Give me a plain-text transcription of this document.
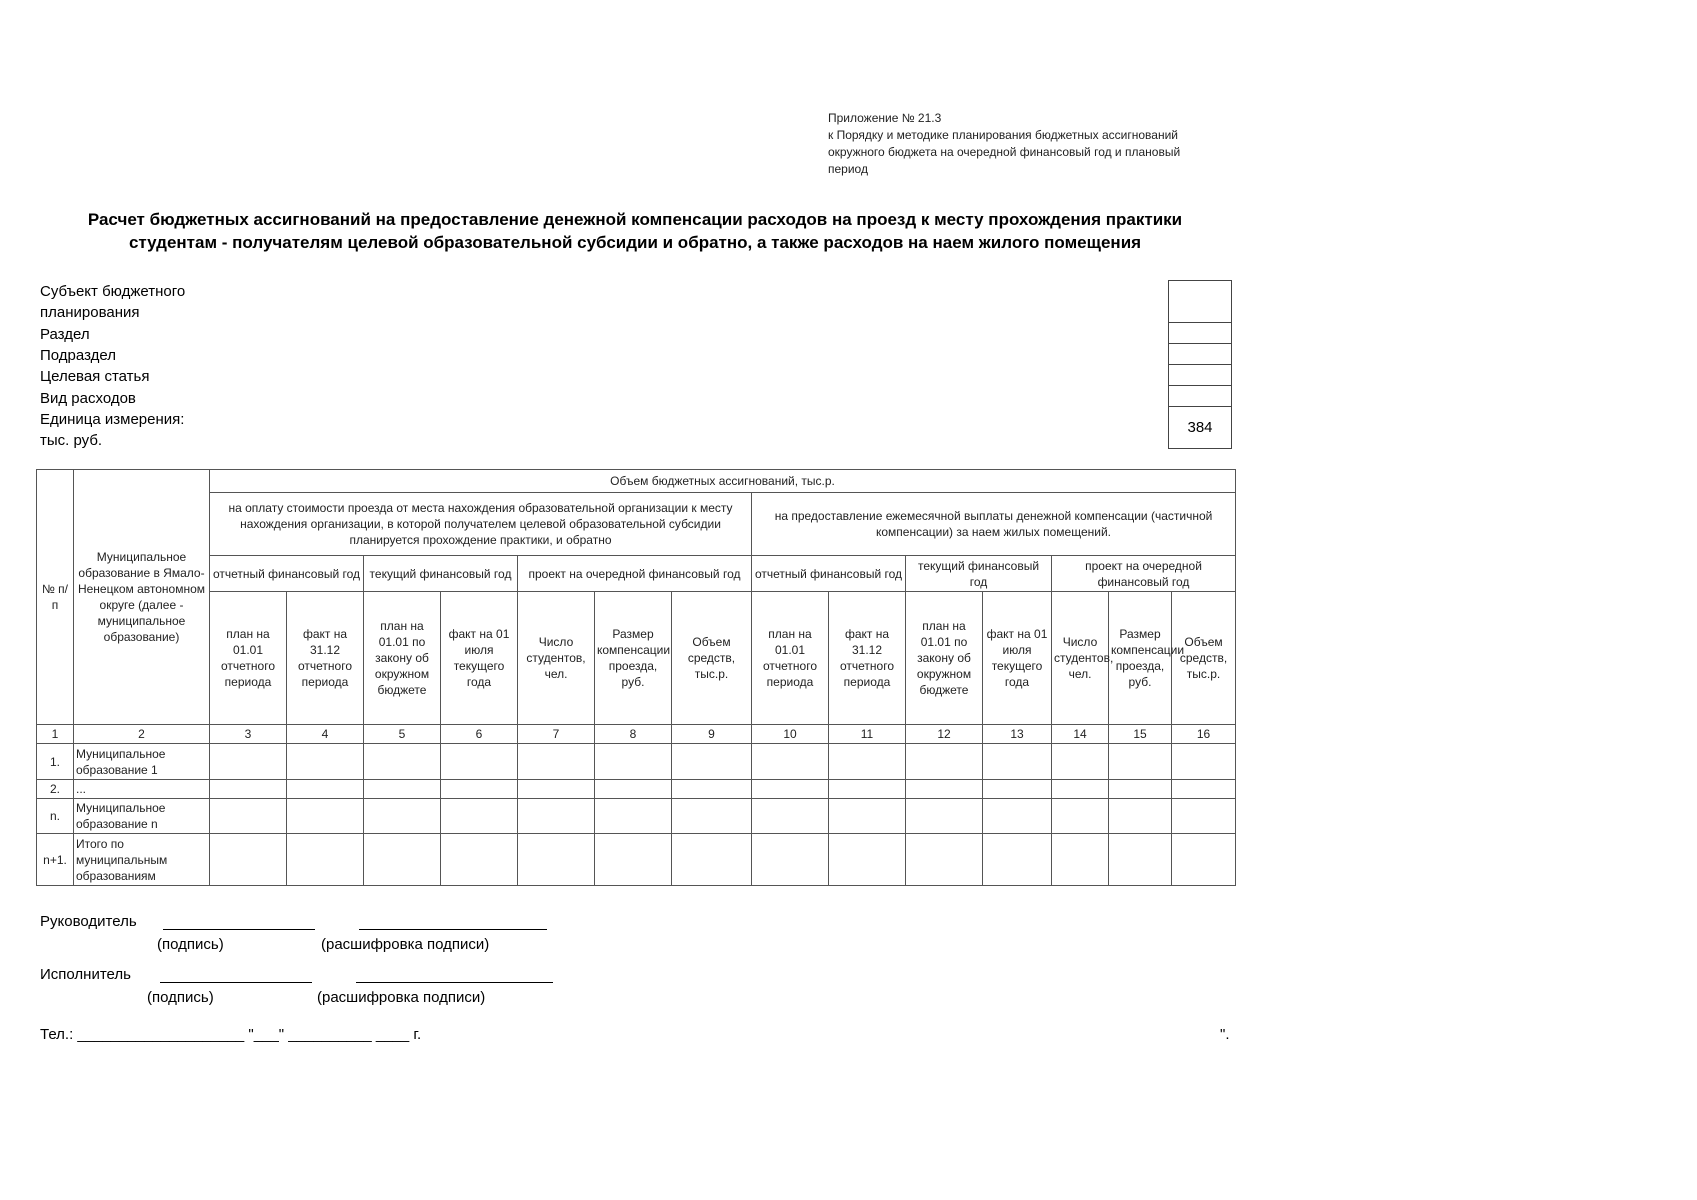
Приложение № 21.3
к Порядку и методике планирования бюджетных ассигнований
окружного бюджета на очередной финансовый год и плановый
период
Расчет бюджетных ассигнований на предоставление денежной компенсации расходов на проезд к месту прохождения практики
студентам - получателям целевой образовательной субсидии и обратно, а также расходов на наем жилого помещения
Субъект бюджетного
планирования
Раздел
Подраздел
Целевая статья
Вид расходов
Единица измерения:
тыс. руб.

384
№ п/п	Муниципальное образование в Ямало-Ненецком автономном округе (далее - муниципальное образование)	Объем бюджетных ассигнований, тыс.р.													
		на оплату стоимости проезда от места нахождения образовательной организации к месту нахождения организации, в которой получателем целевой образовательной субсидии планируется прохождение практики, и обратно							на предоставление ежемесячной выплаты денежной компенсации (частичной компенсации) за наем жилых помещений.						
		отчетный финансовый год		текущий финансовый год		проект на очередной финансовый год			отчетный финансовый год		текущий финансовый год		проект на очередной финансовый год		
		план на 01.01 отчетного периода	факт на 31.12 отчетного периода	план на 01.01 по закону об окружном бюджете	факт на 01 июля текущего года	Число студентов, чел.	Размер компенсации проезда, руб.	Объем средств, тыс.р.	план на 01.01 отчетного периода	факт на 31.12 отчетного периода	план на 01.01 по закону об окружном бюджете	факт на 01 июля текущего года	Число студентов, чел.	Размер компенсации проезда, руб.	Объем средств, тыс.р.
1	2	3	4	5	6	7	8	9	10	11	12	13	14	15	16
1.	Муниципальное образование 1														
2.	...														
n.	Муниципальное образование n														
n+1.	Итого по муниципальным образованиям														
Руководитель
(подпись)	(расшифровка подписи)
Исполнитель
(подпись)	(расшифровка подписи)
Тел.: ____________________ "___" __________ ____ г.	".
